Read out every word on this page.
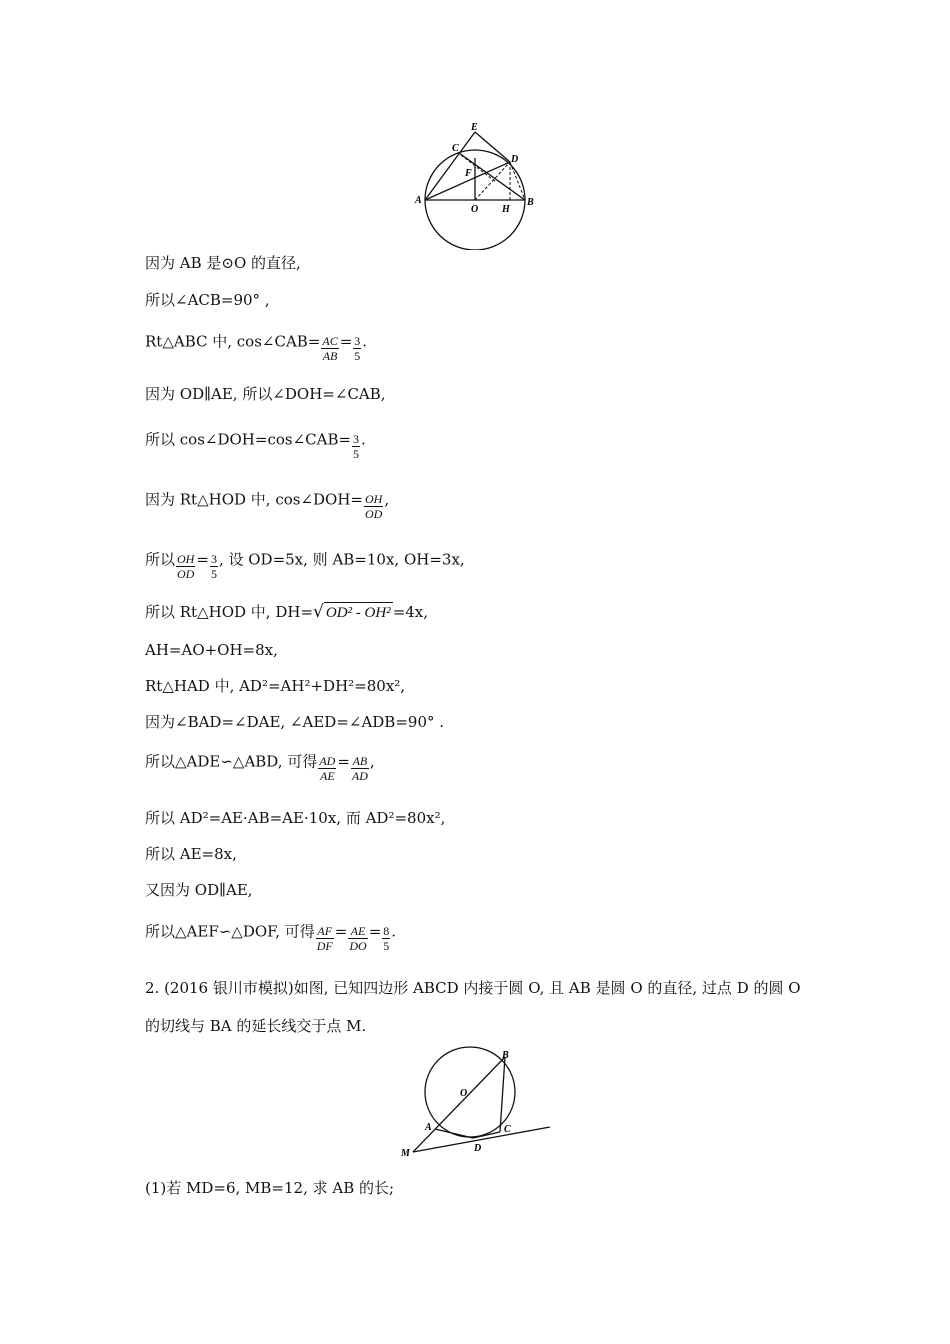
E
C
D
F
A
O H
B
因为 AB 是⊙O 的直径,
所以∠ACB=90° ,
Rt△ABC 中, cos∠CAB= $\frac{AC}{AB} = \frac{3}{5}$ .
因为 OD∥AE, 所以∠DOH=∠CAB,
所以 cos∠DOH=cos∠CAB= $\frac{3}{5}$ .
因为 Rt△HOD 中, cos∠DOH= $\frac{OH}{OD}$ ,
所以 $\frac{OH}{OD} = \frac{3}{5}$ , 设 OD=5x, 则 AB=10x, OH=3x,
所以 Rt△HOD 中, DH=√ OD² - OH² =4x,
AH=AO+OH=8x,
Rt△HAD 中, AD²=AH²+DH²=80x²,
因为∠BAD=∠DAE, ∠AED=∠ADB=90° .
所以△ADE∽△ABD, 可得 $\frac{AD}{AE} = \frac{AB}{AD}$ ,
所以 AD²=AE·AB=AE·10x, 而 AD²=80x²,
所以 AE=8x,
又因为 OD∥AE,
所以△AEF∽△DOF, 可得 $\frac{AF}{DF} = \frac{AE}{DO} = \frac{8}{5}$ .
2. (2016 银川市模拟)如图, 已知四边形 ABCD 内接于圆 O, 且 AB 是圆 O 的直径, 过点 D 的圆 O
的切线与 BA 的延长线交于点 M.
B
O
A	C
D
M
(1)若 MD=6, MB=12, 求 AB 的长;
